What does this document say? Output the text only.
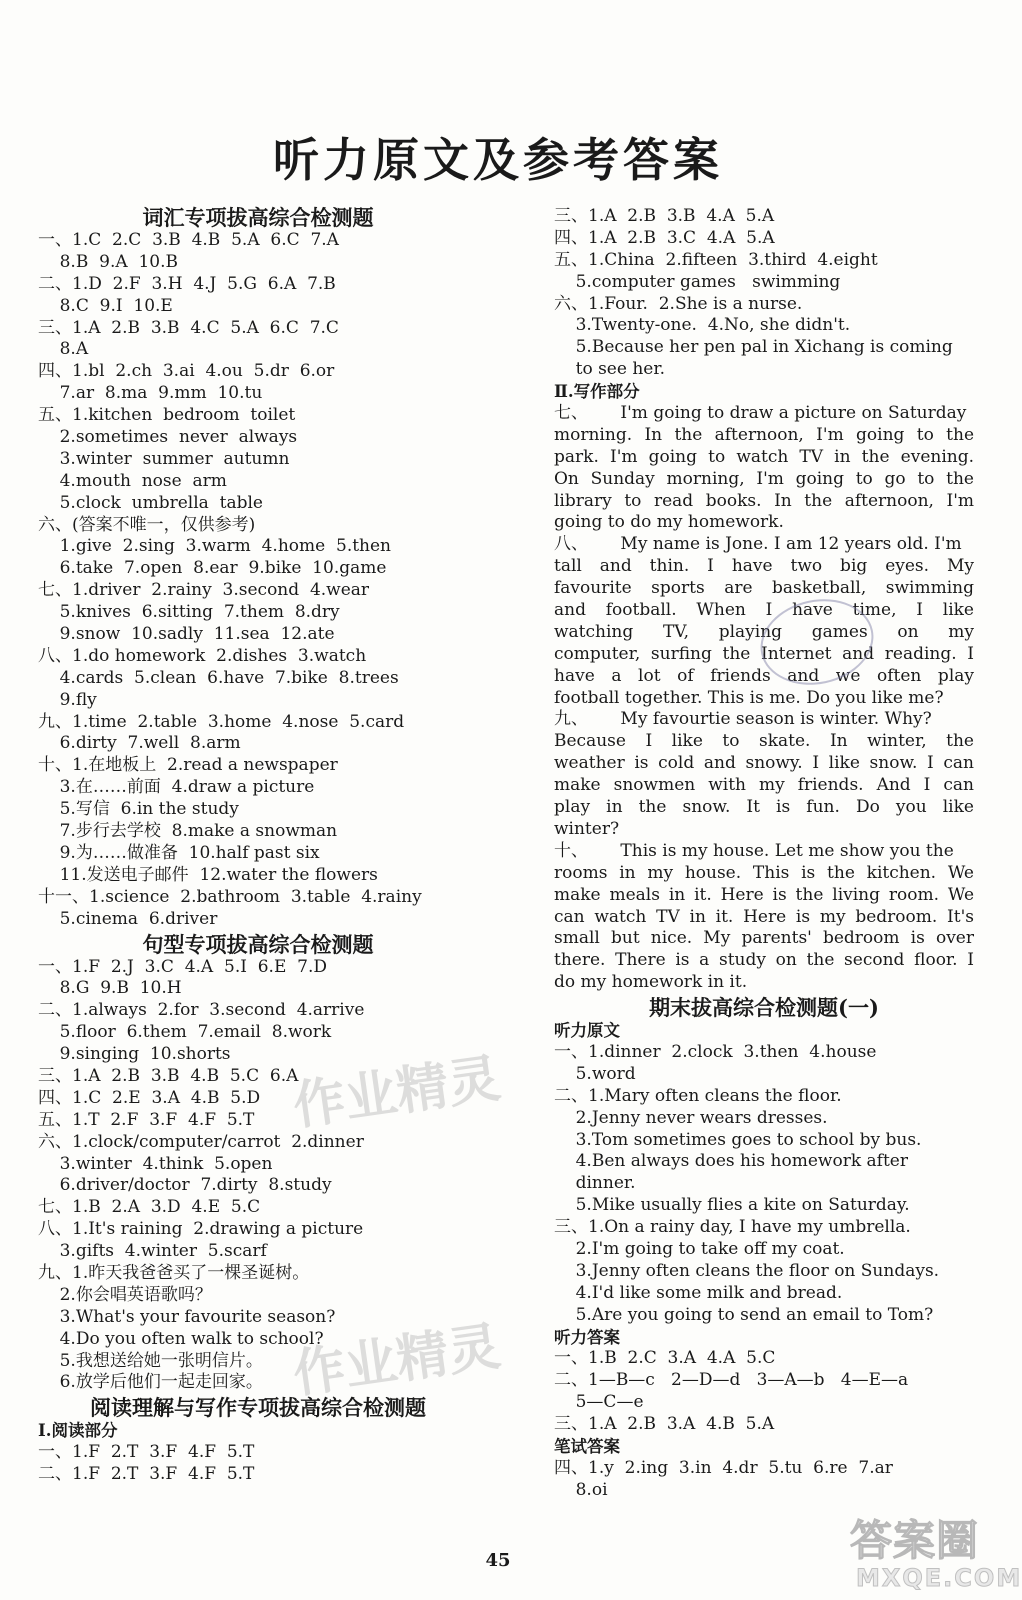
听力原文及参考答案
词汇专项拔高综合检测题
一、1.C  2.C  3.B  4.B  5.A  6.C  7.A
8.B  9.A  10.B
二、1.D  2.F  3.H  4.J  5.G  6.A  7.B
8.C  9.I  10.E
三、1.A  2.B  3.B  4.C  5.A  6.C  7.C
8.A
四、1.bl  2.ch  3.ai  4.ou  5.dr  6.or
7.ar  8.ma  9.mm  10.tu
五、1.kitchen  bedroom  toilet
2.sometimes  never  always
3.winter  summer  autumn
4.mouth  nose  arm
5.clock  umbrella  table
六、(答案不唯一，仅供参考)
1.give  2.sing  3.warm  4.home  5.then
6.take  7.open  8.ear  9.bike  10.game
七、1.driver  2.rainy  3.second  4.wear
5.knives  6.sitting  7.them  8.dry
9.snow  10.sadly  11.sea  12.ate
八、1.do homework  2.dishes  3.watch
4.cards  5.clean  6.have  7.bike  8.trees
9.fly
九、1.time  2.table  3.home  4.nose  5.card
6.dirty  7.well  8.arm
十、1.在地板上  2.read a newspaper
3.在……前面  4.draw a picture
5.写信  6.in the study
7.步行去学校  8.make a snowman
9.为……做准备  10.half past six
11.发送电子邮件  12.water the flowers
十一、1.science  2.bathroom  3.table  4.rainy
5.cinema  6.driver
句型专项拔高综合检测题
一、1.F  2.J  3.C  4.A  5.I  6.E  7.D
8.G  9.B  10.H
二、1.always  2.for  3.second  4.arrive
5.floor  6.them  7.email  8.work
9.singing  10.shorts
三、1.A  2.B  3.B  4.B  5.C  6.A
四、1.C  2.E  3.A  4.B  5.D
五、1.T  2.F  3.F  4.F  5.T
六、1.clock/computer/carrot  2.dinner
3.winter  4.think  5.open
6.driver/doctor  7.dirty  8.study
七、1.B  2.A  3.D  4.E  5.C
八、1.It's raining  2.drawing a picture
3.gifts  4.winter  5.scarf
九、1.昨天我爸爸买了一棵圣诞树。
2.你会唱英语歌吗？
3.What's your favourite season?
4.Do you often walk to school?
5.我想送给她一张明信片。
6.放学后他们一起走回家。
阅读理解与写作专项拔高综合检测题
Ⅰ.阅读部分
一、1.F  2.T  3.F  4.F  5.T
二、1.F  2.T  3.F  4.F  5.T
三、1.A  2.B  3.B  4.A  5.A
四、1.A  2.B  3.C  4.A  5.A
五、1.China  2.fifteen  3.third  4.eight
5.computer games   swimming
六、1.Four.  2.She is a nurse.
3.Twenty-one.  4.No, she didn't.
5.Because her pen pal in Xichang is coming
to see her.
Ⅱ.写作部分
七、      I'm going to draw a picture on Saturday
morning. In the afternoon, I'm going to the
park. I'm going to watch TV in the evening.
On Sunday morning, I'm going to go to the
library to read books. In the afternoon, I'm
going to do my homework.
八、      My name is Jone. I am 12 years old. I'm
tall and thin. I have two big eyes. My
favourite sports are basketball, swimming
and football. When I have time, I like
watching TV, playing games on my
computer, surfing the Internet and reading. I
have a lot of friends and we often play
football together. This is me. Do you like me?
九、      My favourtie season is winter. Why?
Because I like to skate. In winter, the
weather is cold and snowy. I like snow. I can
make snowmen with my friends. And I can
play in the snow. It is fun. Do you like
winter?
十、      This is my house. Let me show you the
rooms in my house. This is the kitchen. We
make meals in it. Here is the living room. We
can watch TV in it. Here is my bedroom. It's
small but nice. My parents' bedroom is over
there. There is a study on the second floor. I
do my homework in it.
期末拔高综合检测题(一)
听力原文
一、1.dinner  2.clock  3.then  4.house
5.word
二、1.Mary often cleans the floor.
2.Jenny never wears dresses.
3.Tom sometimes goes to school by bus.
4.Ben always does his homework after
dinner.
5.Mike usually flies a kite on Saturday.
三、1.On a rainy day, I have my umbrella.
2.I'm going to take off my coat.
3.Jenny often cleans the floor on Sundays.
4.I'd like some milk and bread.
5.Are you going to send an email to Tom?
听力答案
一、1.B  2.C  3.A  4.A  5.C
二、1—B—c   2—D—d   3—A—b   4—E—a
5—C—e
三、1.A  2.B  3.A  4.B  5.A
笔试答案
四、1.y  2.ing  3.in  4.dr  5.tu  6.re  7.ar
8.oi
作业精灵
作业精灵
45	答案圈
MXQE.COM
